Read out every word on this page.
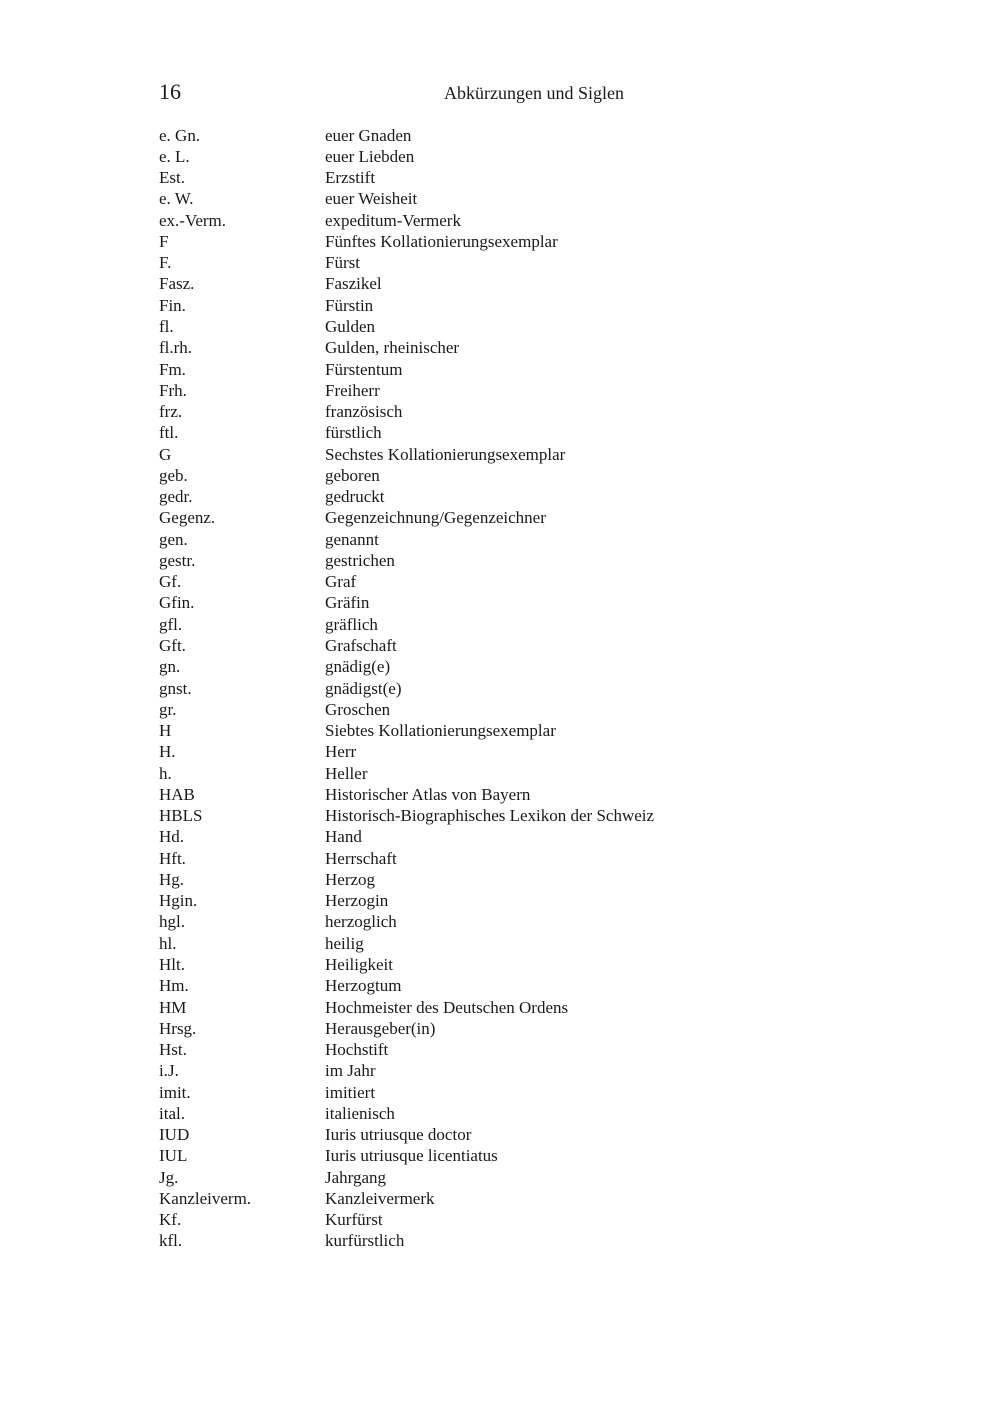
16	Abkürzungen und Siglen
e. Gn.	euer Gnaden
e. L.	euer Liebden
Est.	Erzstift
e. W.	euer Weisheit
ex.-Verm.	expeditum-Vermerk
F	Fünftes Kollationierungsexemplar
F.	Fürst
Fasz.	Faszikel
Fin.	Fürstin
fl.	Gulden
fl.rh.	Gulden, rheinischer
Fm.	Fürstentum
Frh.	Freiherr
frz.	französisch
ftl.	fürstlich
G	Sechstes Kollationierungsexemplar
geb.	geboren
gedr.	gedruckt
Gegenz.	Gegenzeichnung/Gegenzeichner
gen.	genannt
gestr.	gestrichen
Gf.	Graf
Gfin.	Gräfin
gfl.	gräflich
Gft.	Grafschaft
gn.	gnädig(e)
gnst.	gnädigst(e)
gr.	Groschen
H	Siebtes Kollationierungsexemplar
H.	Herr
h.	Heller
HAB	Historischer Atlas von Bayern
HBLS	Historisch-Biographisches Lexikon der Schweiz
Hd.	Hand
Hft.	Herrschaft
Hg.	Herzog
Hgin.	Herzogin
hgl.	herzoglich
hl.	heilig
Hlt.	Heiligkeit
Hm.	Herzogtum
HM	Hochmeister des Deutschen Ordens
Hrsg.	Herausgeber(in)
Hst.	Hochstift
i.J.	im Jahr
imit.	imitiert
ital.	italienisch
IUD	Iuris utriusque doctor
IUL	Iuris utriusque licentiatus
Jg.	Jahrgang
Kanzleiverm.	Kanzleivermerk
Kf.	Kurfürst
kfl.	kurfürstlich
